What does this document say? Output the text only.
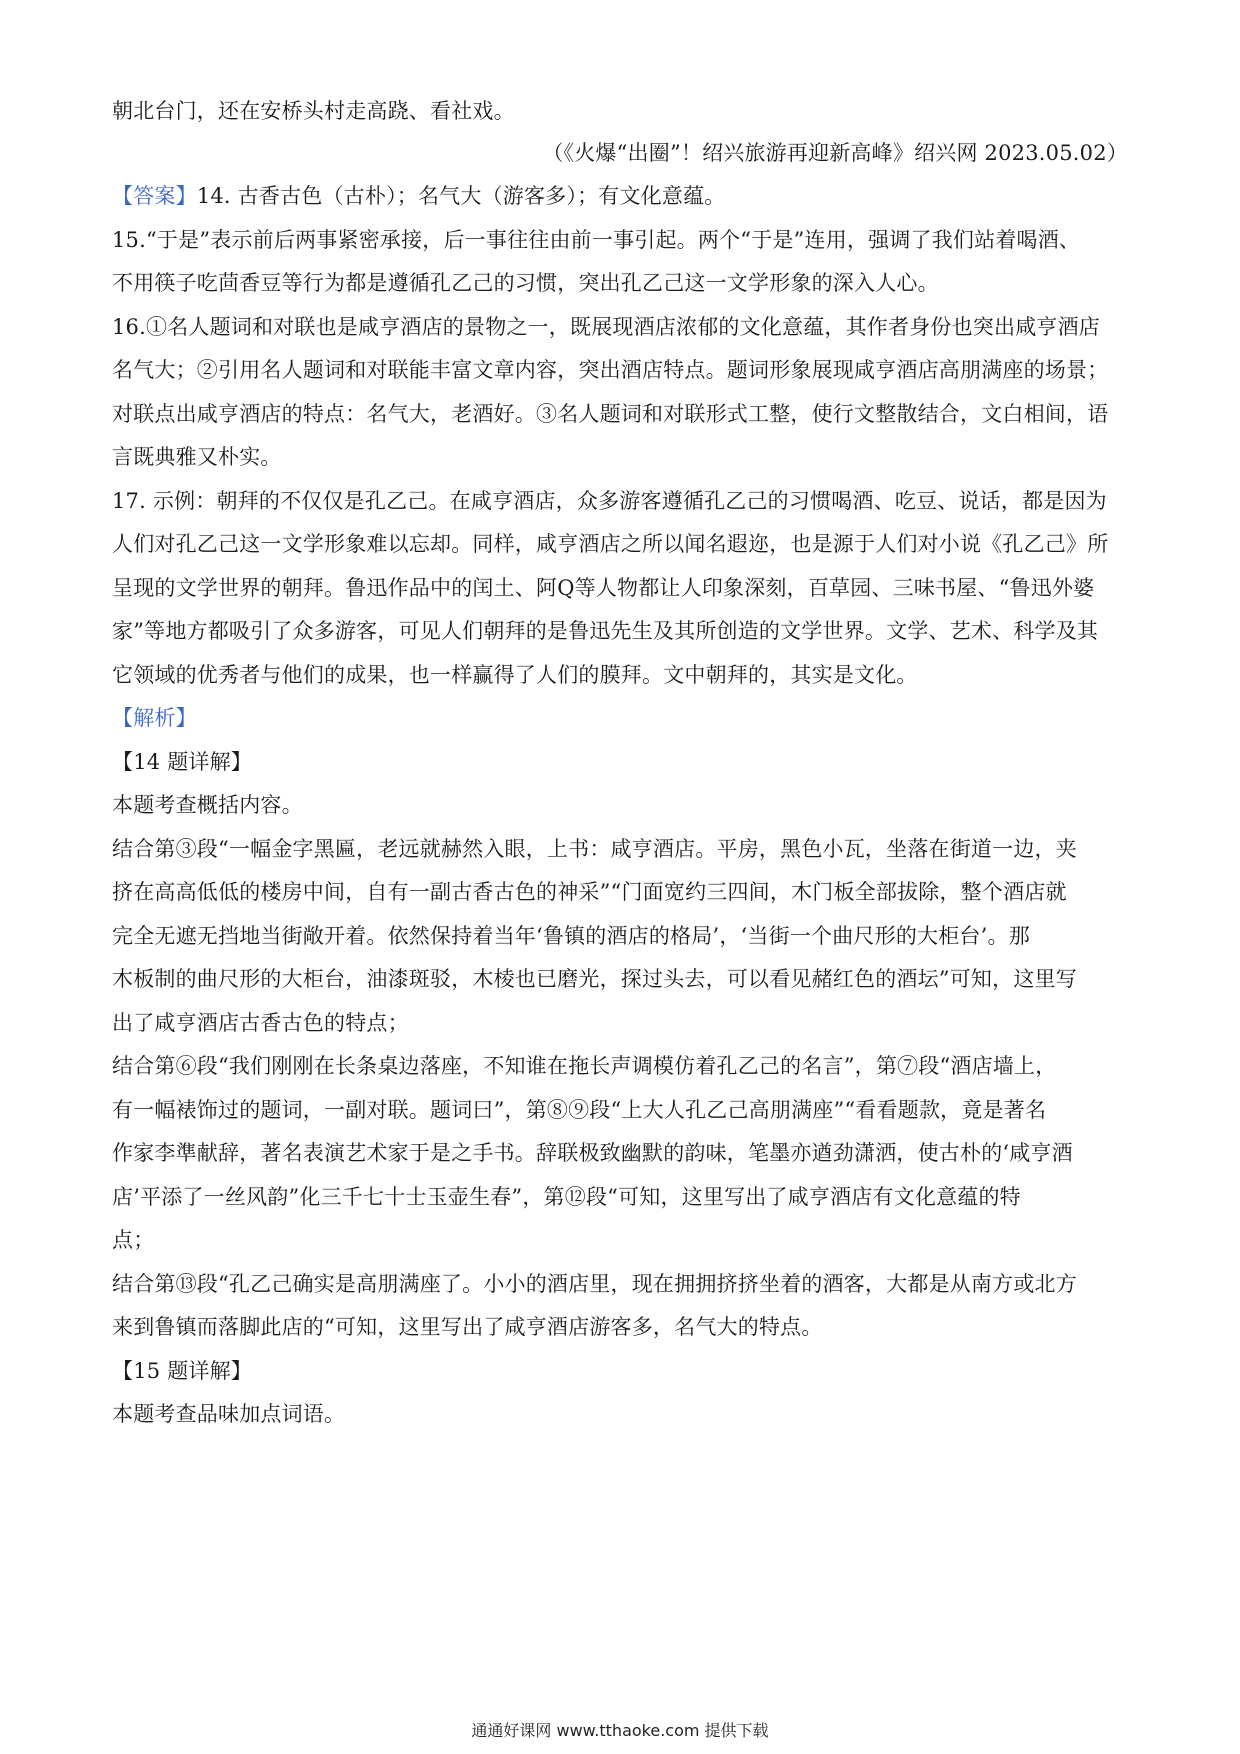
朝北台门，还在安桥头村走高跷、看社戏。
（《火爆“出圈”！绍兴旅游再迎新高峰》绍兴网 2023.05.02）
【答案】14. 古香古色（古朴）；名气大（游客多）；有文化意蕴。
15.“于是”表示前后两事紧密承接，后一事往往由前一事引起。两个“于是”连用，强调了我们站着喝酒、
不用筷子吃茴香豆等行为都是遵循孔乙己的习惯，突出孔乙己这一文学形象的深入人心。
16.①名人题词和对联也是咸亨酒店的景物之一，既展现酒店浓郁的文化意蕴，其作者身份也突出咸亨酒店
名气大；②引用名人题词和对联能丰富文章内容，突出酒店特点。题词形象展现咸亨酒店高朋满座的场景；
对联点出咸亨酒店的特点：名气大，老酒好。③名人题词和对联形式工整，使行文整散结合，文白相间，语
言既典雅又朴实。
17. 示例：朝拜的不仅仅是孔乙己。在咸亨酒店，众多游客遵循孔乙己的习惯喝酒、吃豆、说话，都是因为
人们对孔乙己这一文学形象难以忘却。同样，咸亨酒店之所以闻名遐迩，也是源于人们对小说《孔乙己》所
呈现的文学世界的朝拜。鲁迅作品中的闰土、阿Q等人物都让人印象深刻，百草园、三味书屋、“鲁迅外婆
家”等地方都吸引了众多游客，可见人们朝拜的是鲁迅先生及其所创造的文学世界。文学、艺术、科学及其
它领域的优秀者与他们的成果，也一样赢得了人们的膜拜。文中朝拜的，其实是文化。
【解析】
【14 题详解】
本题考查概括内容。
结合第③段“一幅金字黑匾，老远就赫然入眼，上书：咸亨酒店。平房，黑色小瓦，坐落在街道一边，夹
挤在高高低低的楼房中间，自有一副古香古色的神采”“门面宽约三四间，木门板全部拔除，整个酒店就
完全无遮无挡地当街敞开着。依然保持着当年‘鲁镇的酒店的格局’，‘当街一个曲尺形的大柜台’。那
木板制的曲尺形的大柜台，油漆斑驳，木棱也已磨光，探过头去，可以看见赭红色的酒坛”可知，这里写
出了咸亨酒店古香古色的特点；
结合第⑥段“我们刚刚在长条桌边落座，不知谁在拖长声调模仿着孔乙己的名言”，第⑦段“酒店墙上，
有一幅裱饰过的题词，一副对联。题词曰”，第⑧⑨段“上大人孔乙己高朋满座”“看看题款，竟是著名
作家李準献辞，著名表演艺术家于是之手书。辞联极致幽默的韵味，笔墨亦遒劲潇洒，使古朴的‘咸亨酒
店’平添了一丝风韵”化三千七十士玉壶生春”，第⑫段“可知，这里写出了咸亨酒店有文化意蕴的特
点；
结合第⑬段“孔乙己确实是高朋满座了。小小的酒店里，现在拥拥挤挤坐着的酒客，大都是从南方或北方
来到鲁镇而落脚此店的“可知，这里写出了咸亨酒店游客多，名气大的特点。
【15 题详解】
本题考查品味加点词语。
通通好课网 www.tthaoke.com 提供下载
